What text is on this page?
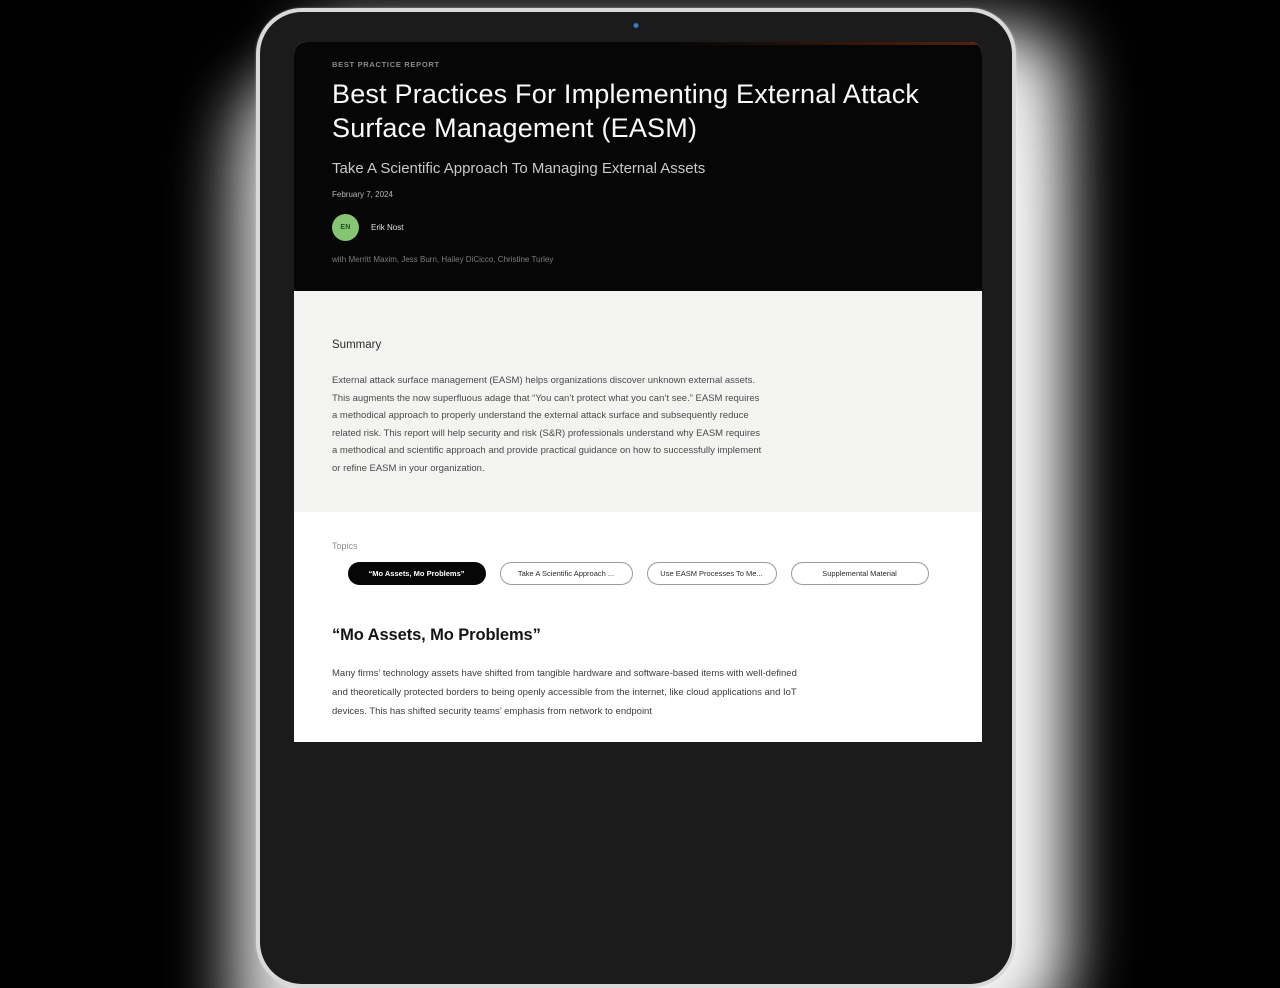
BEST PRACTICE REPORT
Best Practices For Implementing External Attack Surface Management (EASM)
Take A Scientific Approach To Managing External Assets
February 7, 2024
EN	Erik Nost
with Merritt Maxim, Jess Burn, Hailey DiCicco, Christine Turley
Summary

External attack surface management (EASM) helps organizations discover unknown external assets. This augments the now superfluous adage that “You can’t protect what you can’t see.” EASM requires a methodical approach to properly understand the external attack surface and subsequently reduce related risk. This report will help security and risk (S&R) professionals understand why EASM requires a methodical and scientific approach and provide practical guidance on how to successfully implement or refine EASM in your organization.

Topics
“Mo Assets, Mo Problems”	Take A Scientific Approach ...	Use EASM Processes To Me...	Supplemental Material
“Mo Assets, Mo Problems”

Many firms’ technology assets have shifted from tangible hardware and software-based items with well-defined and theoretically protected borders to being openly accessible from the internet, like cloud applications and IoT devices. This has shifted security teams’ emphasis from network to endpoint
